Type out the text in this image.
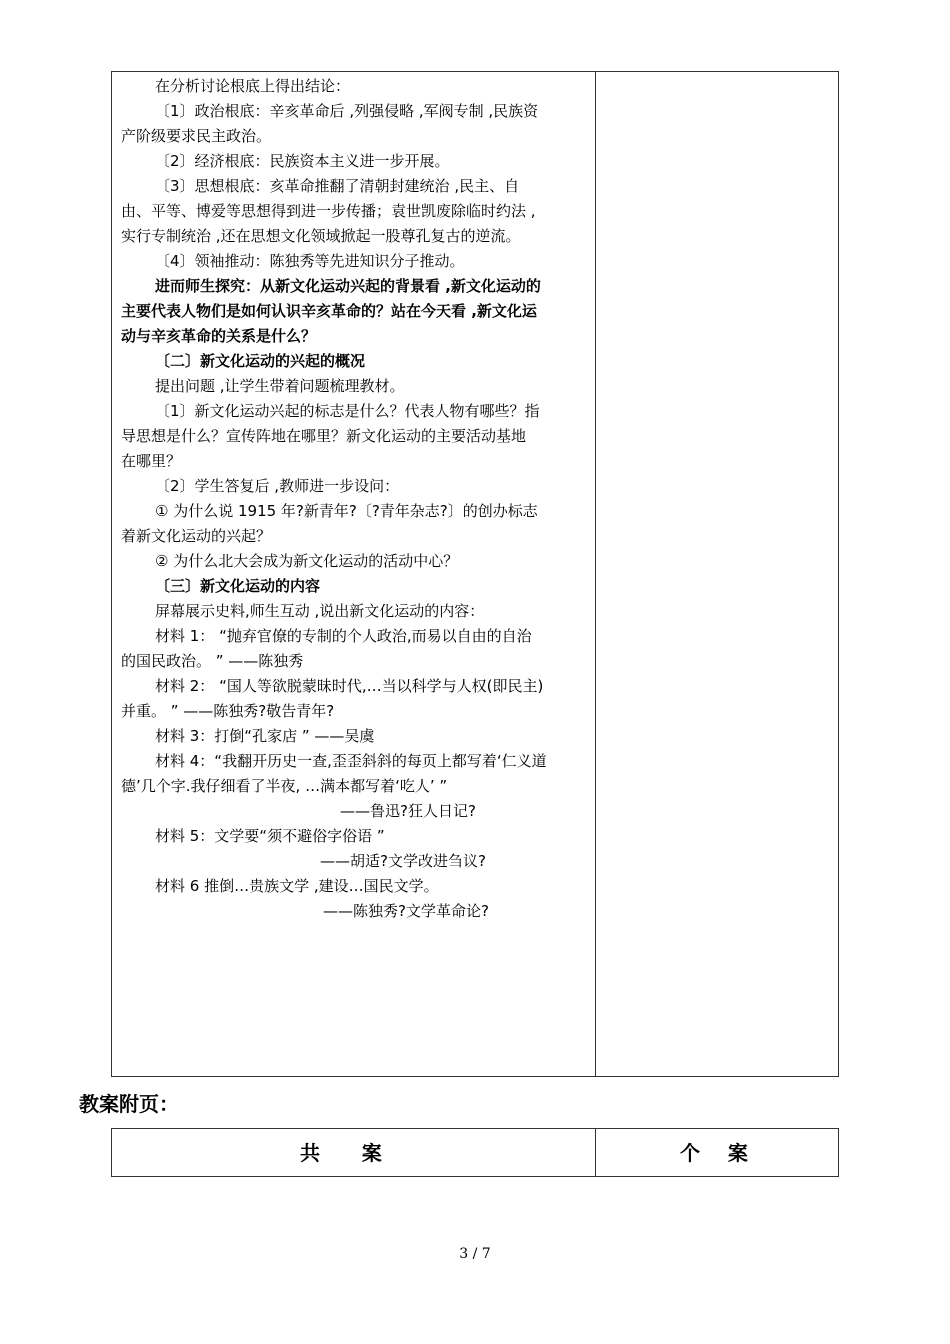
在分析讨论根底上得出结论：
〔1〕政治根底：辛亥革命后 ,列强侵略 ,军阀专制 ,民族资
产阶级要求民主政治。
〔2〕经济根底：民族资本主义进一步开展。
〔3〕思想根底：亥革命推翻了清朝封建统治 ,民主、自
由、平等、博爱等思想得到进一步传播；袁世凯废除临时约法 ,
实行专制统治 ,还在思想文化领域掀起一股尊孔复古的逆流。
〔4〕领袖推动：陈独秀等先进知识分子推动。
进而师生探究：从新文化运动兴起的背景看 ,新文化运动的
主要代表人物们是如何认识辛亥革命的？站在今天看 ,新文化运
动与辛亥革命的关系是什么？
〔二〕新文化运动的兴起的概况
提出问题 ,让学生带着问题梳理教材。
〔1〕新文化运动兴起的标志是什么？代表人物有哪些？指
导思想是什么？宣传阵地在哪里？新文化运动的主要活动基地
在哪里？
〔2〕学生答复后 ,教师进一步设问：
① 为什么说 1915 年?新青年?〔?青年杂志?〕的创办标志
着新文化运动的兴起？
② 为什么北大会成为新文化运动的活动中心？
〔三〕新文化运动的内容
屏幕展示史料,师生互动 ,说出新文化运动的内容：
材料 1： “抛弃官僚的专制的个人政治,而易以自由的自治
的国民政治。 ” ——陈独秀
材料 2： “国人等欲脱蒙昧时代,…当以科学与人权(即民主)
并重。 ” ——陈独秀?敬告青年?
材料 3：打倒“孔家店 ” ——吴虞
材料 4：“我翻开历史一查,歪歪斜斜的每页上都写着‘仁义道
德’几个字.我仔细看了半夜, …满本都写着‘吃人’ ”
——鲁迅?狂人日记?
材料 5：文学要“须不避俗字俗语 ”
——胡适?文学改进刍议?
材料 6 推倒…贵族文学 ,建设…国民文学。
——陈独秀?文学革命论?
教案附页：
共      案	个    案
3 / 7
